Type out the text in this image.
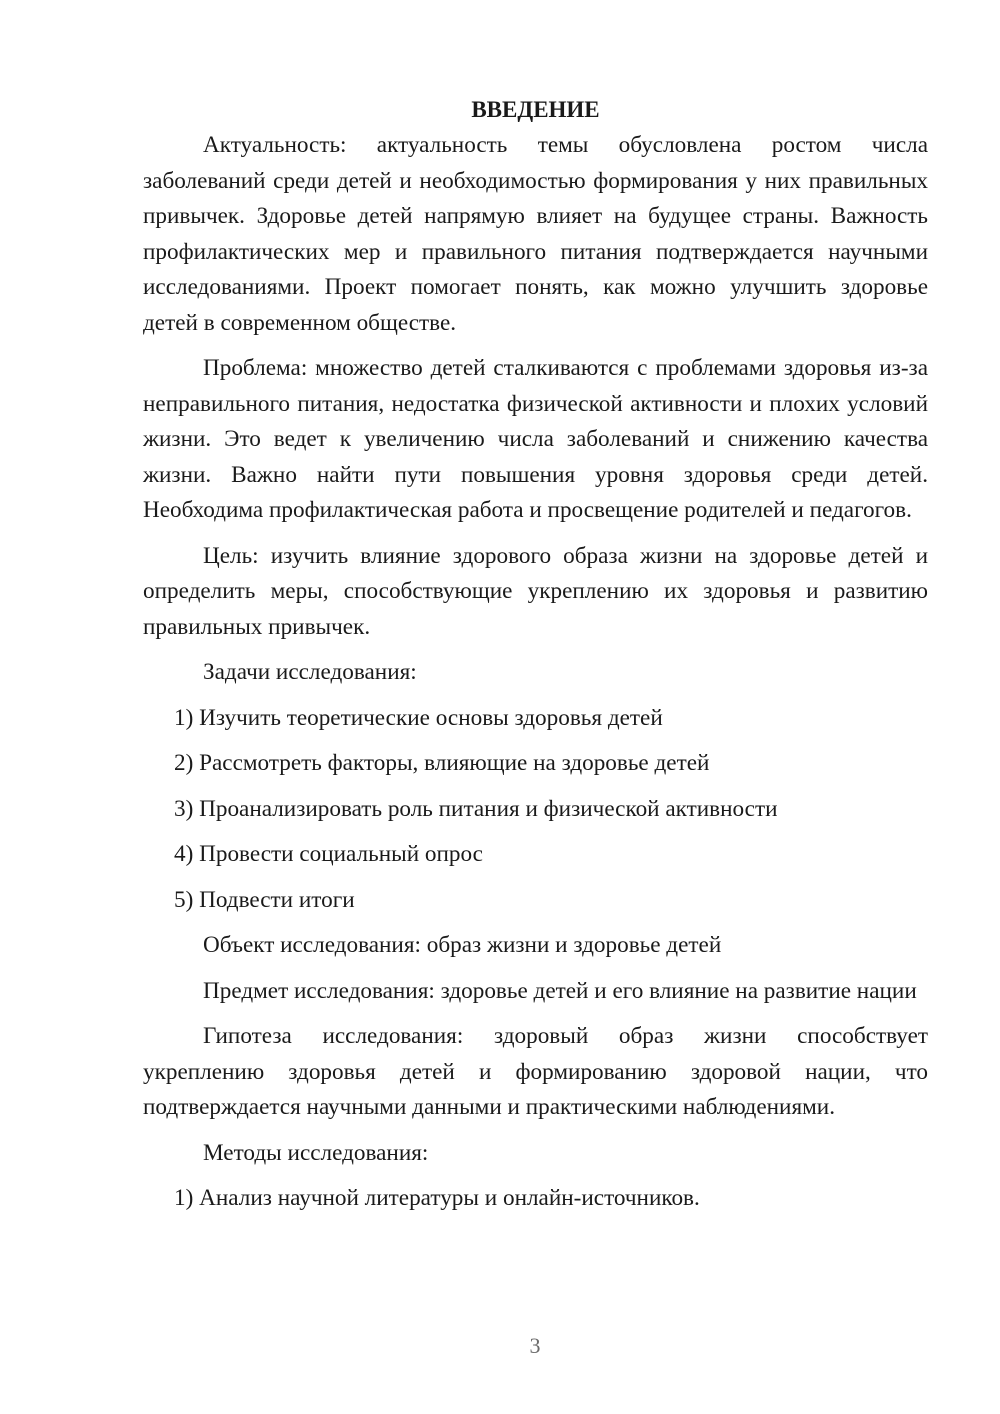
ВВЕДЕНИЕ

Актуальность: актуальность темы обусловлена ростом числа заболеваний среди детей и необходимостью формирования у них правильных привычек. Здоровье детей напрямую влияет на будущее страны. Важность профилактических мер и правильного питания подтверждается научными исследованиями. Проект помогает понять, как можно улучшить здоровье детей в современном обществе.

Проблема: множество детей сталкиваются с проблемами здоровья из-за неправильного питания, недостатка физической активности и плохих условий жизни. Это ведет к увеличению числа заболеваний и снижению качества жизни. Важно найти пути повышения уровня здоровья среди детей. Необходима профилактическая работа и просвещение родителей и педагогов.

Цель: изучить влияние здорового образа жизни на здоровье детей и определить меры, способствующие укреплению их здоровья и развитию правильных привычек.

Задачи исследования:

1) Изучить теоретические основы здоровья детей

2) Рассмотреть факторы, влияющие на здоровье детей

3) Проанализировать роль питания и физической активности

4) Провести социальный опрос

5) Подвести итоги

Объект исследования: образ жизни и здоровье детей

Предмет исследования: здоровье детей и его влияние на развитие нации

Гипотеза исследования: здоровый образ жизни способствует укреплению здоровья детей и формированию здоровой нации, что подтверждается научными данными и практическими наблюдениями.

Методы исследования:

1) Анализ научной литературы и онлайн-источников.

3
